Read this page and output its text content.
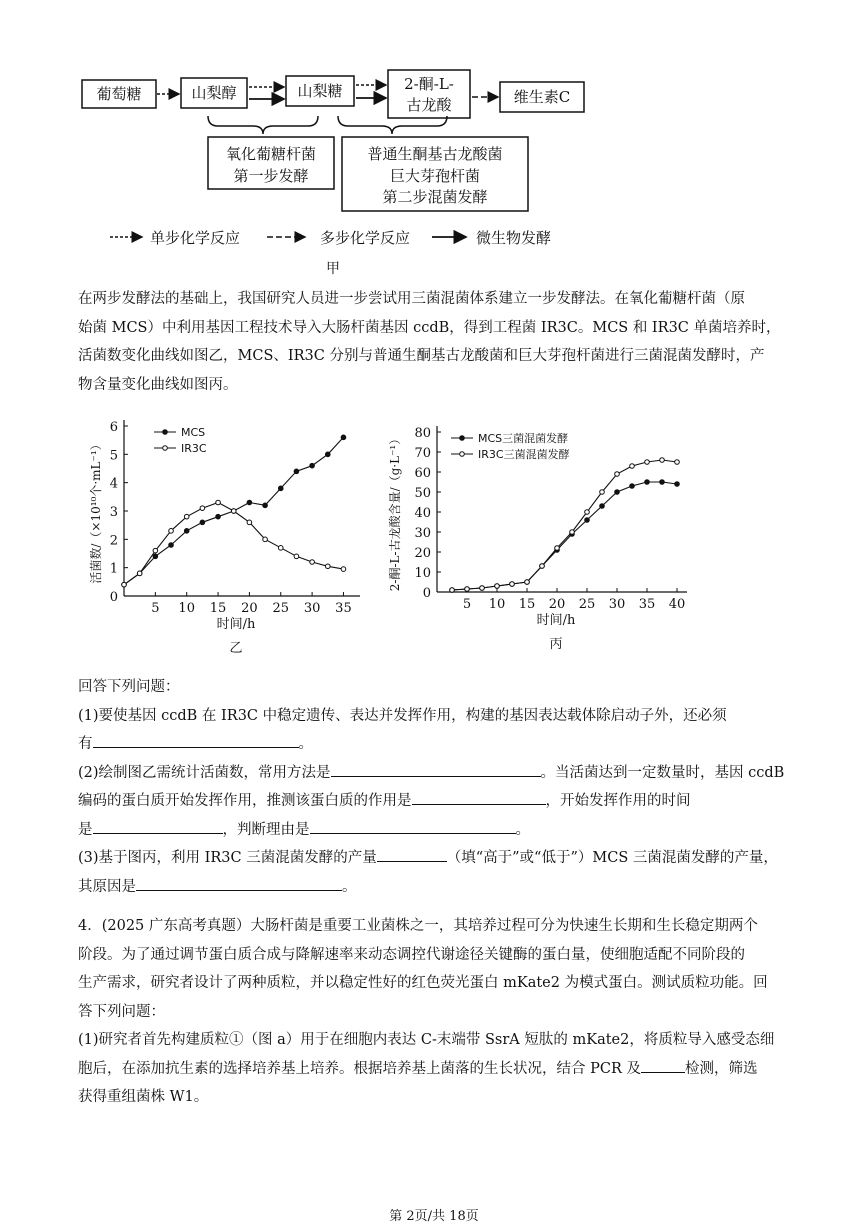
葡萄糖	山梨醇	山梨糖	2-酮-L-
古龙酸	维生素C
氧化葡糖杆菌
第一步发酵
普通生酮基古龙酸菌
巨大芽孢杆菌
第二步混菌发酵
单步化学反应	多步化学反应	微生物发酵
甲
在两步发酵法的基础上，我国研究人员进一步尝试用三菌混菌体系建立一步发酵法。在氧化葡糖杆菌（原
始菌 MCS）中利用基因工程技术导入大肠杆菌基因 ccdB，得到工程菌 IR3C。MCS 和 IR3C 单菌培养时，
活菌数变化曲线如图乙，MCS、IR3C 分别与普通生酮基古龙酸菌和巨大芽孢杆菌进行三菌混菌发酵时，产
物含量变化曲线如图丙。
0
1
2
3
4
5
6
5 10 15 20 25 30 35
时间/h
活菌数/（×10¹⁰个·mL⁻¹）
乙
MCS
IR3C
0
10
20
30
40
50
60
70
80
5 10 15 20 25 30 35 40
时间/h
2-酮-L-古龙酸含量/（g·L⁻¹）
丙
MCS三菌混菌发酵
IR3C三菌混菌发酵
回答下列问题：
(1)要使基因 ccdB 在 IR3C 中稳定遗传、表达并发挥作用，构建的基因表达载体除启动子外，还必须
有	。
(2)绘制图乙需统计活菌数，常用方法是	。当活菌达到一定数量时，基因 ccdB
编码的蛋白质开始发挥作用，推测该蛋白质的作用是	，开始发挥作用的时间
是	，判断理由是	。
(3)基于图丙，利用 IR3C 三菌混菌发酵的产量	（填“高于”或“低于”）MCS 三菌混菌发酵的产量，
其原因是	。
4．(2025 广东高考真题）大肠杆菌是重要工业菌株之一，其培养过程可分为快速生长期和生长稳定期两个
阶段。为了通过调节蛋白质合成与降解速率来动态调控代谢途径关键酶的蛋白量，使细胞适配不同阶段的
生产需求，研究者设计了两种质粒，并以稳定性好的红色荧光蛋白 mKate2 为模式蛋白。测试质粒功能。回
答下列问题：
(1)研究者首先构建质粒①（图 a）用于在细胞内表达 C-末端带 SsrA 短肽的 mKate2，将质粒导入感受态细
胞后，在添加抗生素的选择培养基上培养。根据培养基上菌落的生长状况，结合 PCR 及	检测，筛选
获得重组菌株 W1。
第 2页/共 18页
